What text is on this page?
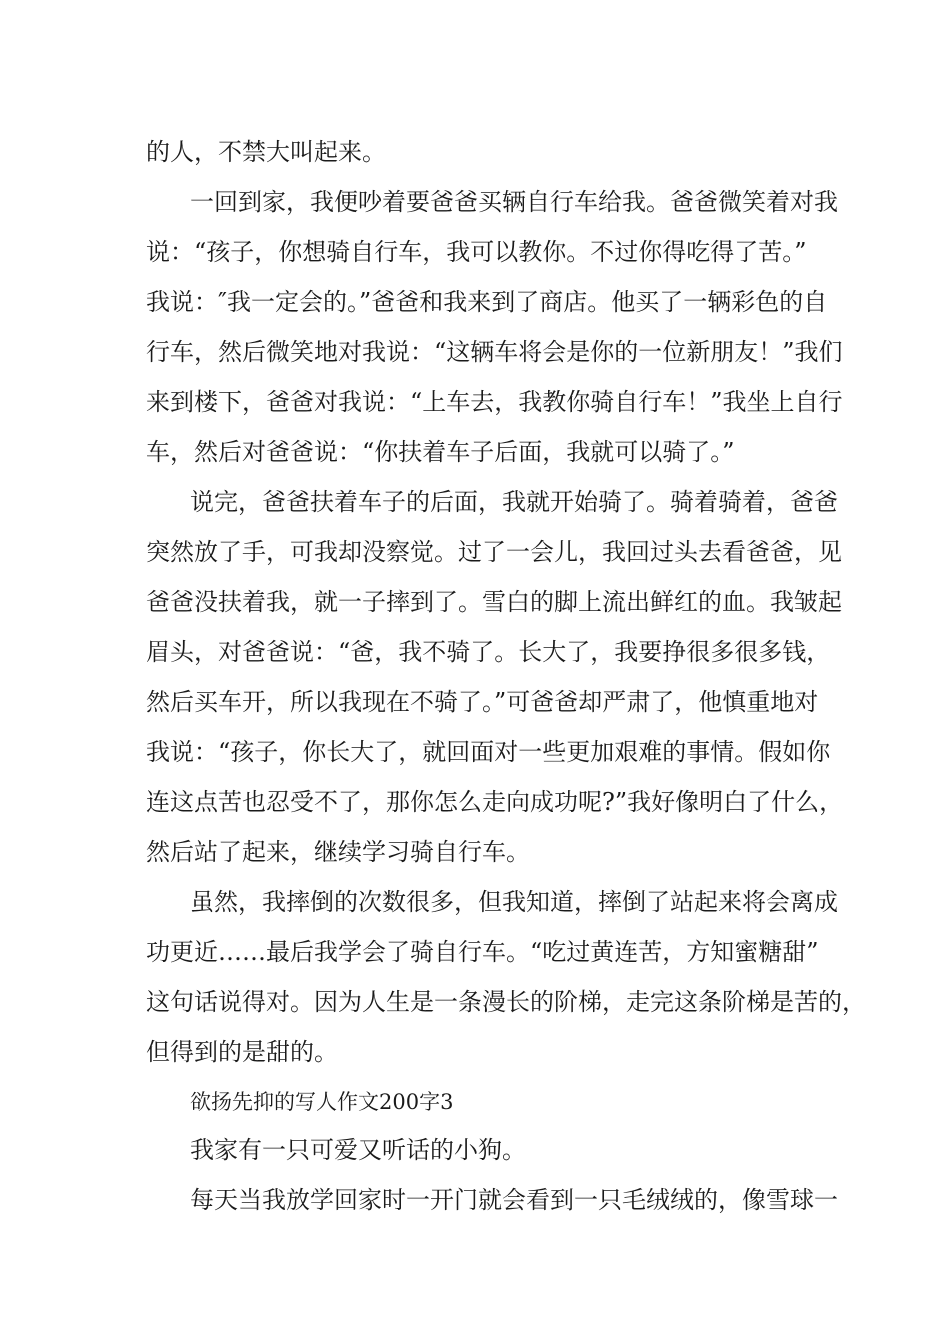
的人，不禁大叫起来。
一回到家，我便吵着要爸爸买辆自行车给我。爸爸微笑着对我
说：“孩子，你想骑自行车，我可以教你。不过你得吃得了苦。”
我说：″我一定会的。”爸爸和我来到了商店。他买了一辆彩色的自
行车，然后微笑地对我说：“这辆车将会是你的一位新朋友！”我们
来到楼下，爸爸对我说：“上车去，我教你骑自行车！”我坐上自行
车，然后对爸爸说：“你扶着车子后面，我就可以骑了。”
说完，爸爸扶着车子的后面，我就开始骑了。骑着骑着，爸爸
突然放了手，可我却没察觉。过了一会儿，我回过头去看爸爸，见
爸爸没扶着我，就一子摔到了。雪白的脚上流出鲜红的血。我皱起
眉头，对爸爸说：“爸，我不骑了。长大了，我要挣很多很多钱，
然后买车开，所以我现在不骑了。”可爸爸却严肃了，他慎重地对
我说：“孩子，你长大了，就回面对一些更加艰难的事情。假如你
连这点苦也忍受不了，那你怎么走向成功呢?”我好像明白了什么，
然后站了起来，继续学习骑自行车。
虽然，我摔倒的次数很多，但我知道，摔倒了站起来将会离成
功更近……最后我学会了骑自行车。“吃过黄连苦，方知蜜糖甜”
这句话说得对。因为人生是一条漫长的阶梯，走完这条阶梯是苦的，
但得到的是甜的。
欲扬先抑的写人作文200字3
我家有一只可爱又听话的小狗。
每天当我放学回家时一开门就会看到一只毛绒绒的，像雪球一
